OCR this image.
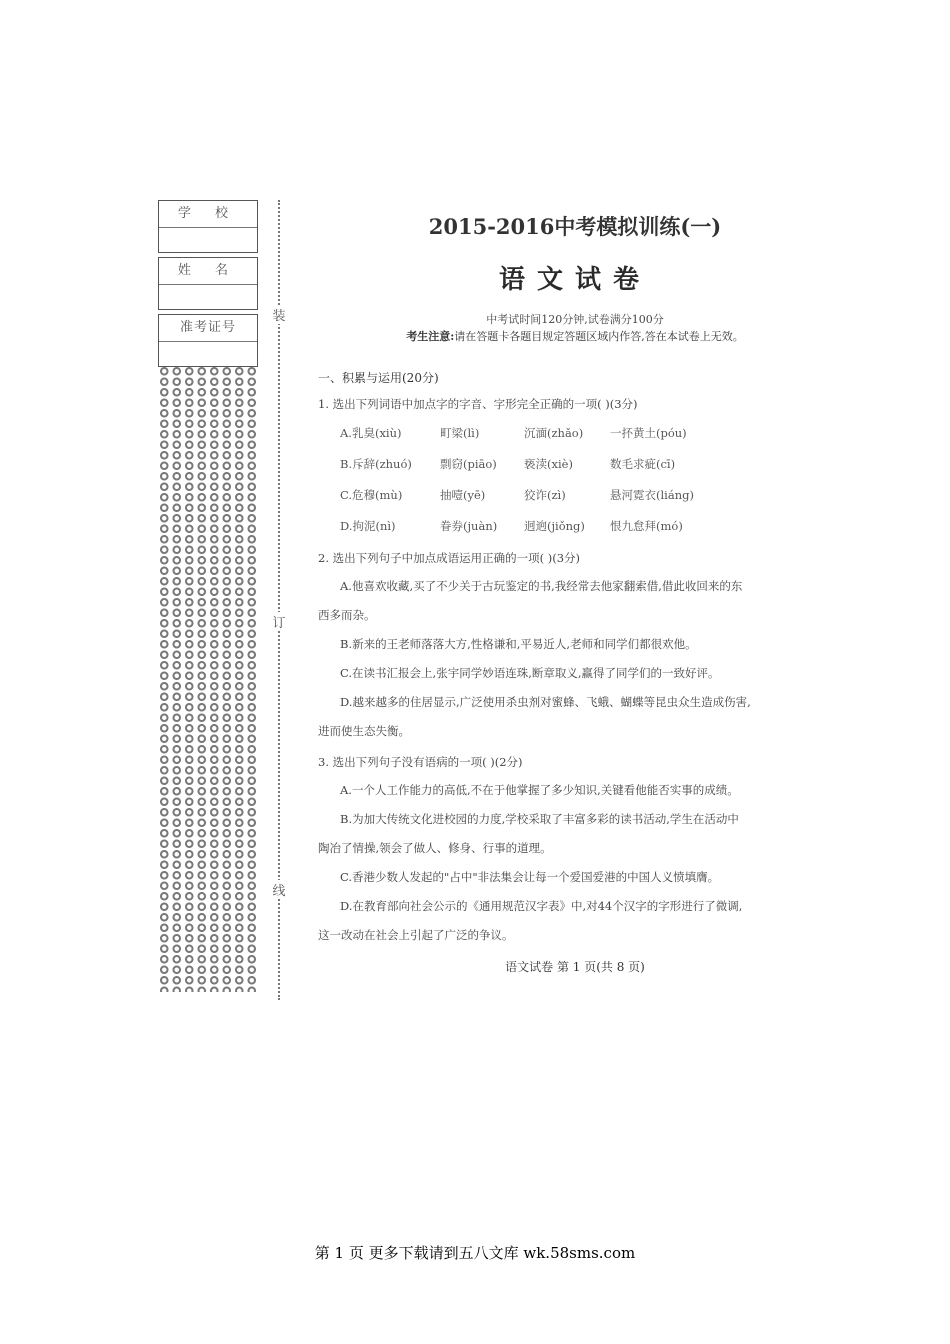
学 校
姓 名
准考证号
装
订
线
2015-2016中考模拟训练(一)
语文试卷
中考试时间120分钟,试卷满分100分
考生注意:请在答题卡各题目规定答题区域内作答,答在本试卷上无效。
一、积累与运用(20分)
1. 选出下列词语中加点字的字音、字形完全正确的一项( )(3分)
A.乳臭(xiù)	町梁(lì)	沉湎(zhǎo)	一抔黄土(póu)
B.斥辞(zhuó)	剽窃(piāo)	亵渎(xiè)	数毛求疵(cī)
C.危穆(mù)	抽噎(yē)	狡诈(zì)	悬河霓衣(liáng)
D.拘泥(nì)	眷券(juàn)	迥逈(jiǒng)	恨九怠拜(mó)
2. 选出下列句子中加点成语运用正确的一项( )(3分)
A.他喜欢收藏,买了不少关于古玩鉴定的书,我经常去他家翻索借,借此收回来的东
西多而杂。
B.新来的王老师落落大方,性格谦和,平易近人,老师和同学们都很欢他。
C.在读书汇报会上,张宇同学妙语连珠,断章取义,赢得了同学们的一致好评。
D.越来越多的住居显示,广泛使用杀虫剂对蜜蜂、飞蛾、蝴蝶等昆虫众生造成伤害,
进而使生态失衡。
3. 选出下列句子没有语病的一项( )(2分)
A.一个人工作能力的高低,不在于他掌握了多少知识,关键看他能否实事的成绩。
B.为加大传统文化进校园的力度,学校采取了丰富多彩的读书活动,学生在活动中
陶冶了情操,领会了做人、修身、行事的道理。
C.香港少数人发起的"占中"非法集会让每一个爱国爱港的中国人义愤填膺。
D.在教育部向社会公示的《通用规范汉字表》中,对44个汉字的字形进行了微调,
这一改动在社会上引起了广泛的争议。
语文试卷 第 1 页(共 8 页)
第 1 页 更多下载请到五八文库 wk.58sms.com
